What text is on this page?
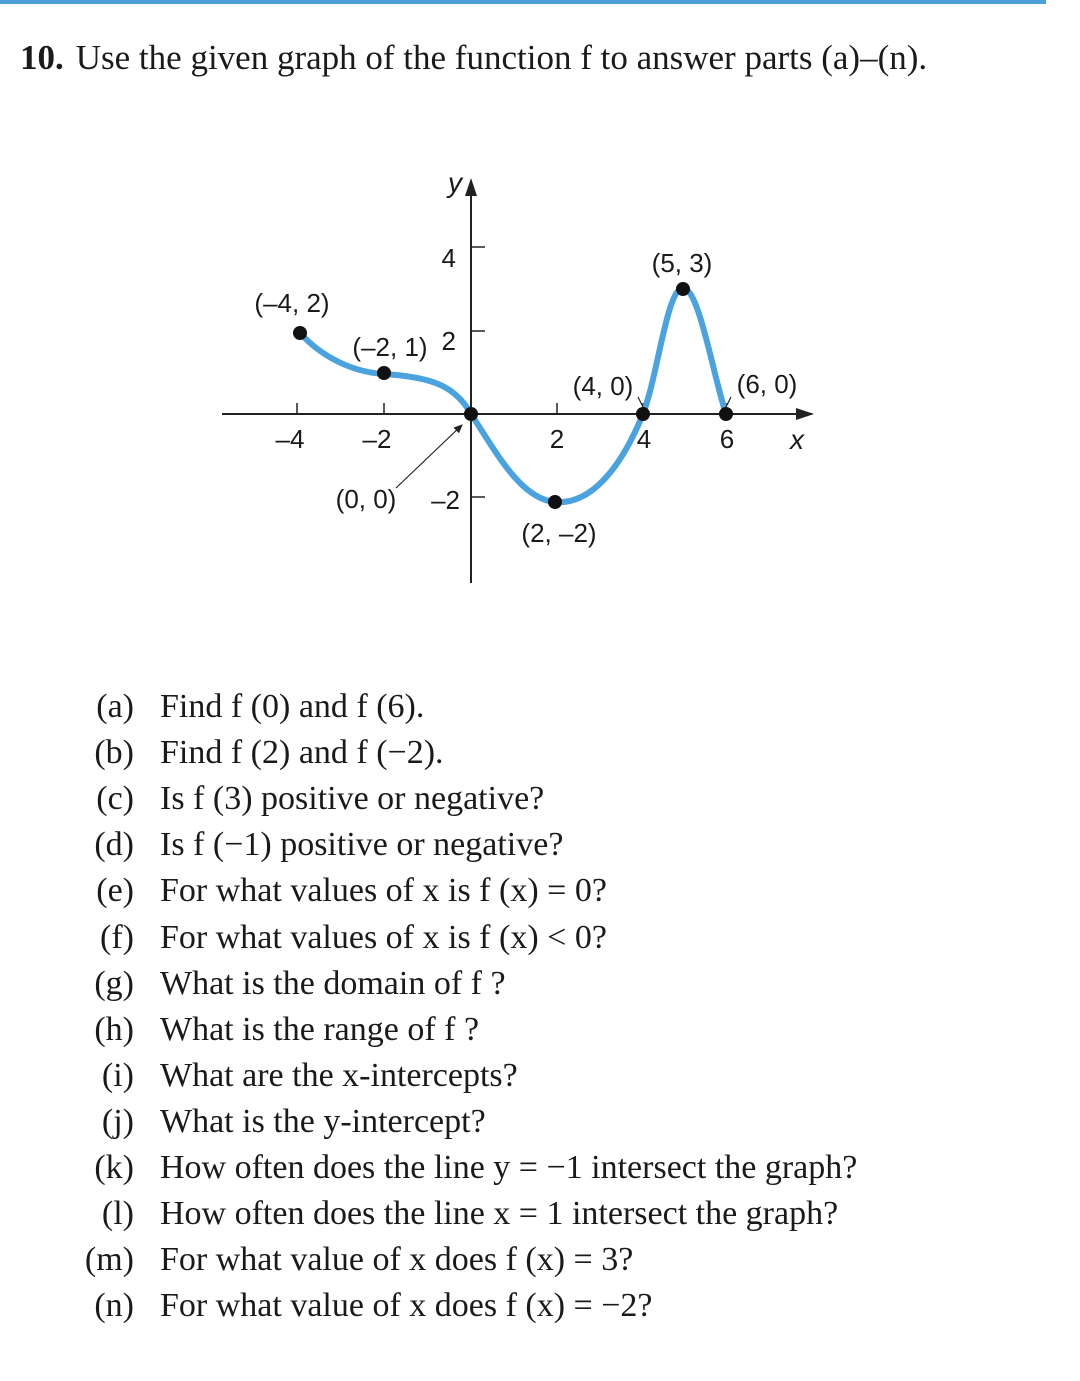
10. Use the given graph of the function f to answer parts (a)–(n).
–4 –2	2	4	6
4
2
–2
y
x
(–4, 2)
(–2, 1)
(0, 0)
(2, –2)
(4, 0)
(5, 3)
(6, 0)
(a) Find f (0) and f (6).
(b) Find f (2) and f (−2).
(c) Is f (3) positive or negative?
(d) Is f (−1) positive or negative?
(e) For what values of x is f (x) = 0?
(f) For what values of x is f (x) < 0?
(g) What is the domain of f ?
(h) What is the range of f ?
(i) What are the x-intercepts?
(j) What is the y-intercept?
(k) How often does the line y = −1 intersect the graph?
(l) How often does the line x = 1 intersect the graph?
(m) For what value of x does f (x) = 3?
(n) For what value of x does f (x) = −2?
